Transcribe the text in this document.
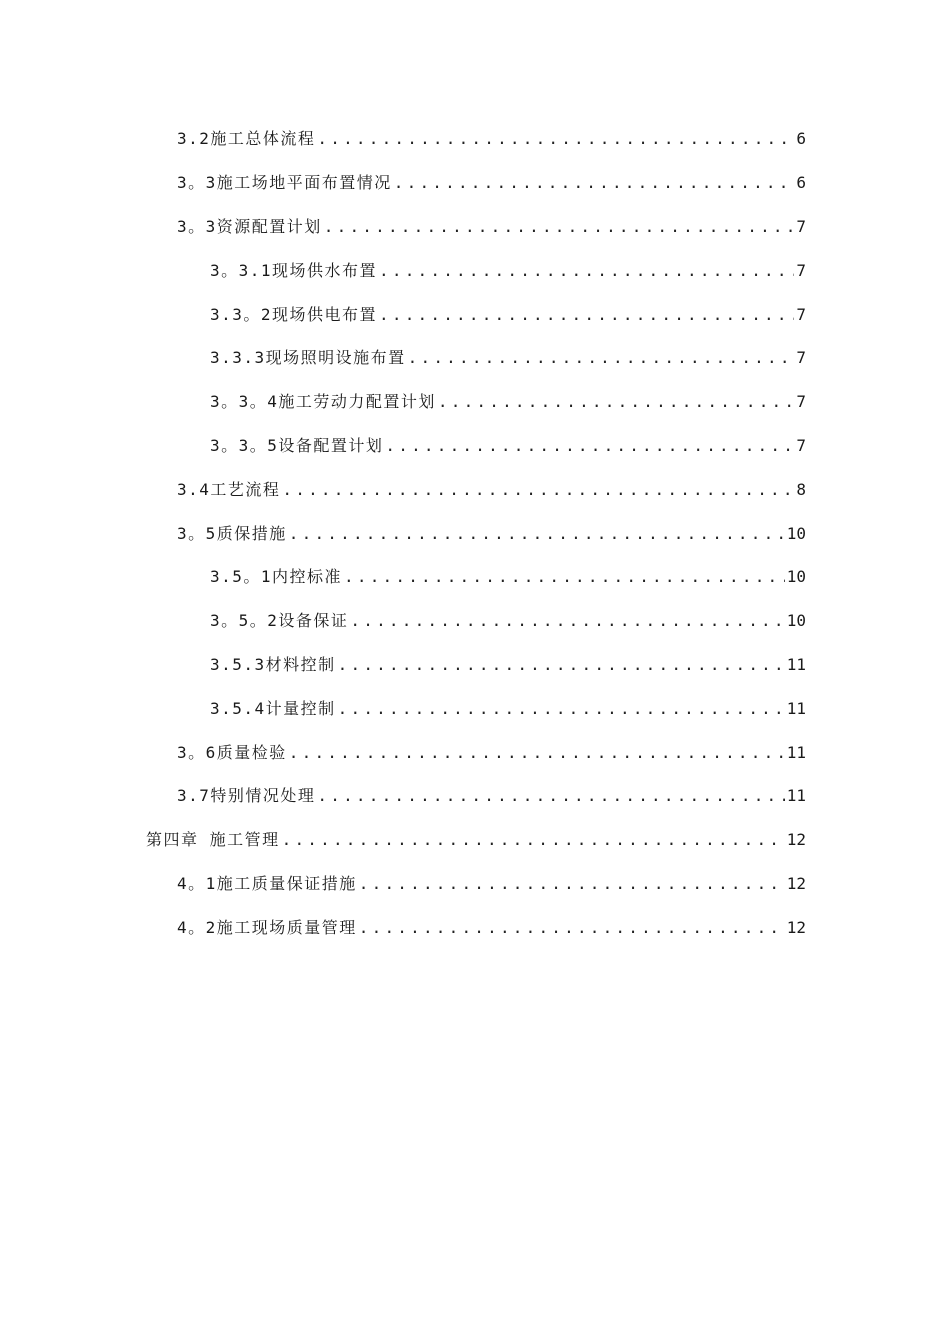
3.2施工总体流程 .....	6
3。3施工场地平面布置情况 .....	6
3。3资源配置计划 .....	7
3。3.1现场供水布置 .....	7
3.3。2现场供电布置 .....	7
3.3.3现场照明设施布置 .....	7
3。3。4施工劳动力配置计划 .....	7
3。3。5设备配置计划 .....	7
3.4工艺流程 .....	8
3。5质保措施 .....	10
3.5。1内控标准 .....	10
3。5。2设备保证 .....	10
3.5.3材料控制 .....	11
3.5.4计量控制 .....	11
3。6质量检验 .....	11
3.7特别情况处理 .....	11
第四章 施工管理 .....	12
4。1施工质量保证措施 .....	12
4。2施工现场质量管理 .....	12
